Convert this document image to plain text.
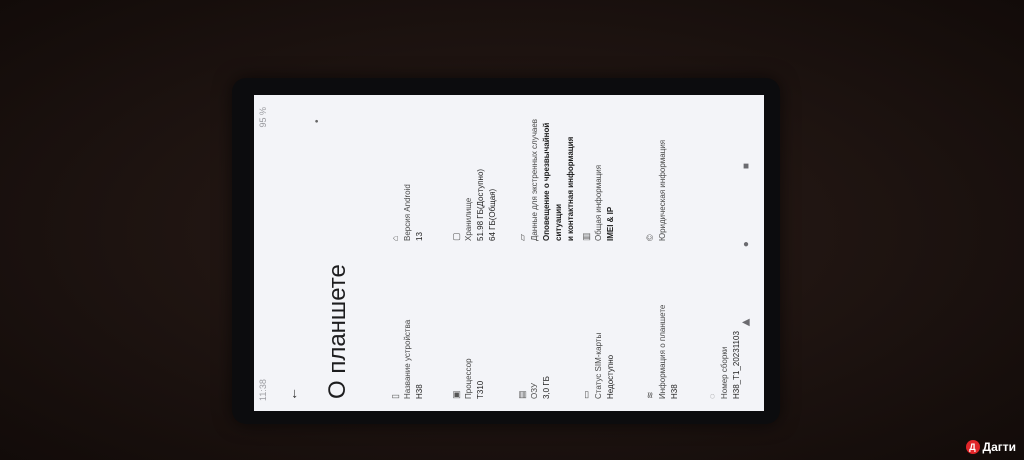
11:38
95 %
←
•
О планшете	▯ Название устройства H38
⌂ Версия Android 13
▣ Процессор T310
▢ Хранилище 51.98 ГБ(Доступно) 64 ГБ(Общая)
▤ ОЗУ 3,0 ГБ
▱ Данные для экстренных случаев Оповещение о чрезвычайной ситуации и контактная информация
▭ Статус SIM-карты Недоступно
▥ Общая информация IMEI & IP
≋ Информация о планшете H38
© Юридическая информация
◌ Номер сборки H38_T1_20231103
◀
●
■
Д Дагти
